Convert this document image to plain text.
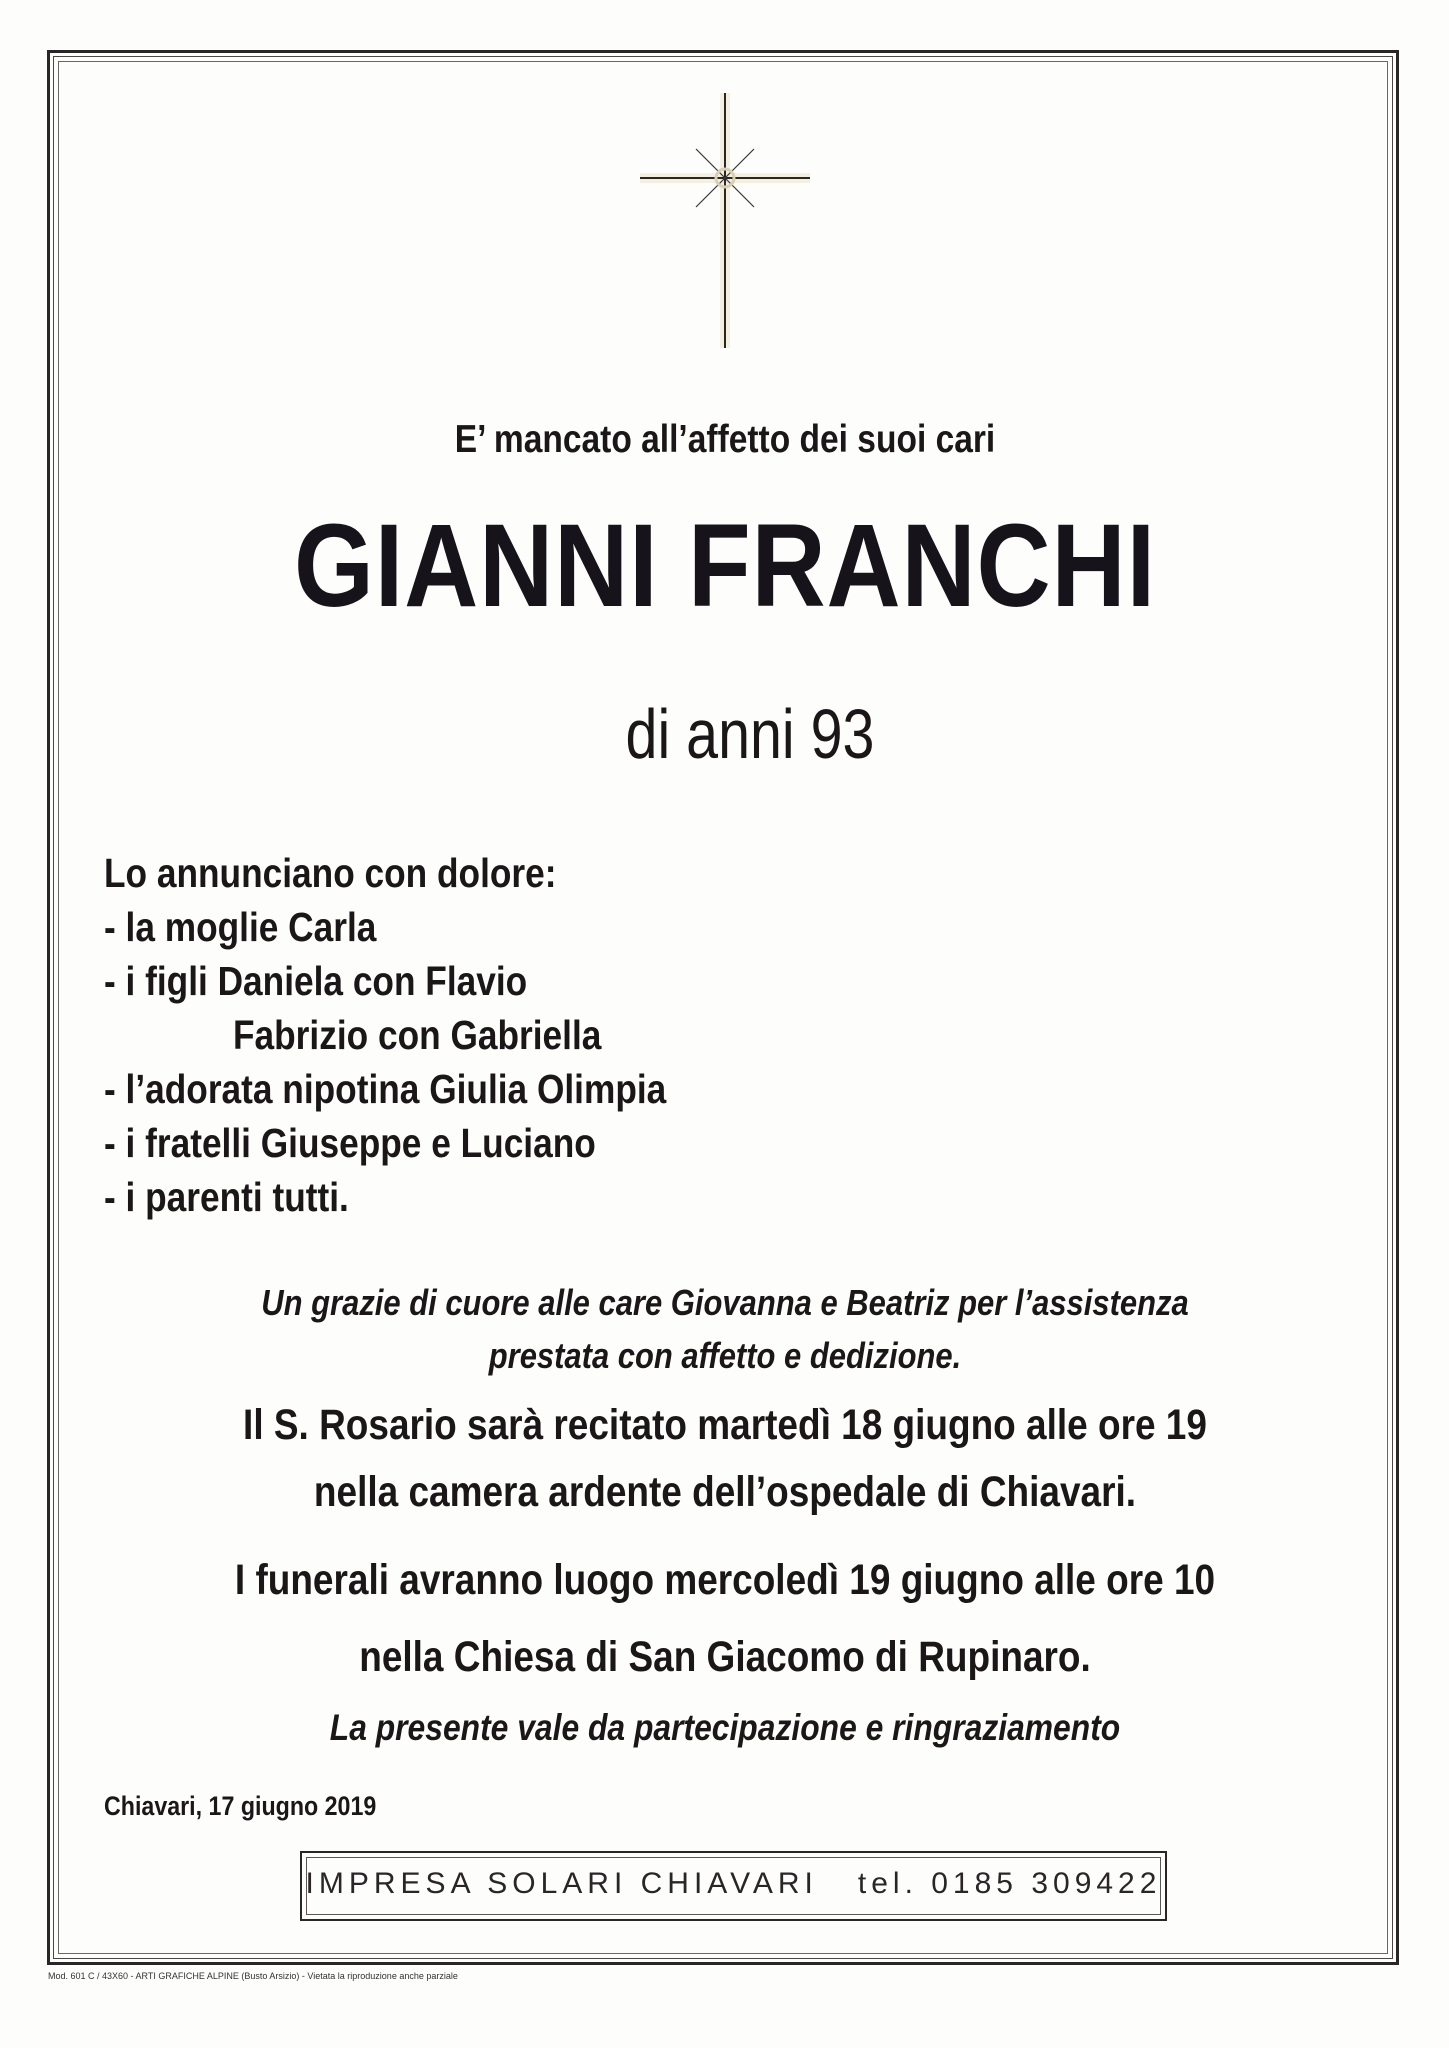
E’ mancato all’affetto dei suoi cari
GIANNI FRANCHI
di anni 93
Lo annunciano con dolore:
- la moglie Carla
- i figli Daniela con Flavio
Fabrizio con Gabriella
- l’adorata nipotina Giulia Olimpia
- i fratelli Giuseppe e Luciano
- i parenti tutti.
Un grazie di cuore alle care Giovanna e Beatriz per l’assistenza
prestata con affetto e dedizione.
Il S. Rosario sarà recitato martedì 18 giugno alle ore 19
nella camera ardente dell’ospedale di Chiavari.
I funerali avranno luogo mercoledì 19 giugno alle ore 10
nella Chiesa di San Giacomo di Rupinaro.
La presente vale da partecipazione e ringraziamento
Chiavari, 17 giugno 2019
IMPRESA SOLARI CHIAVARI tel. 0185 309422
Mod. 601 C / 43X60 - ARTI GRAFICHE ALPINE (Busto Arsizio) - Vietata la riproduzione anche parziale
